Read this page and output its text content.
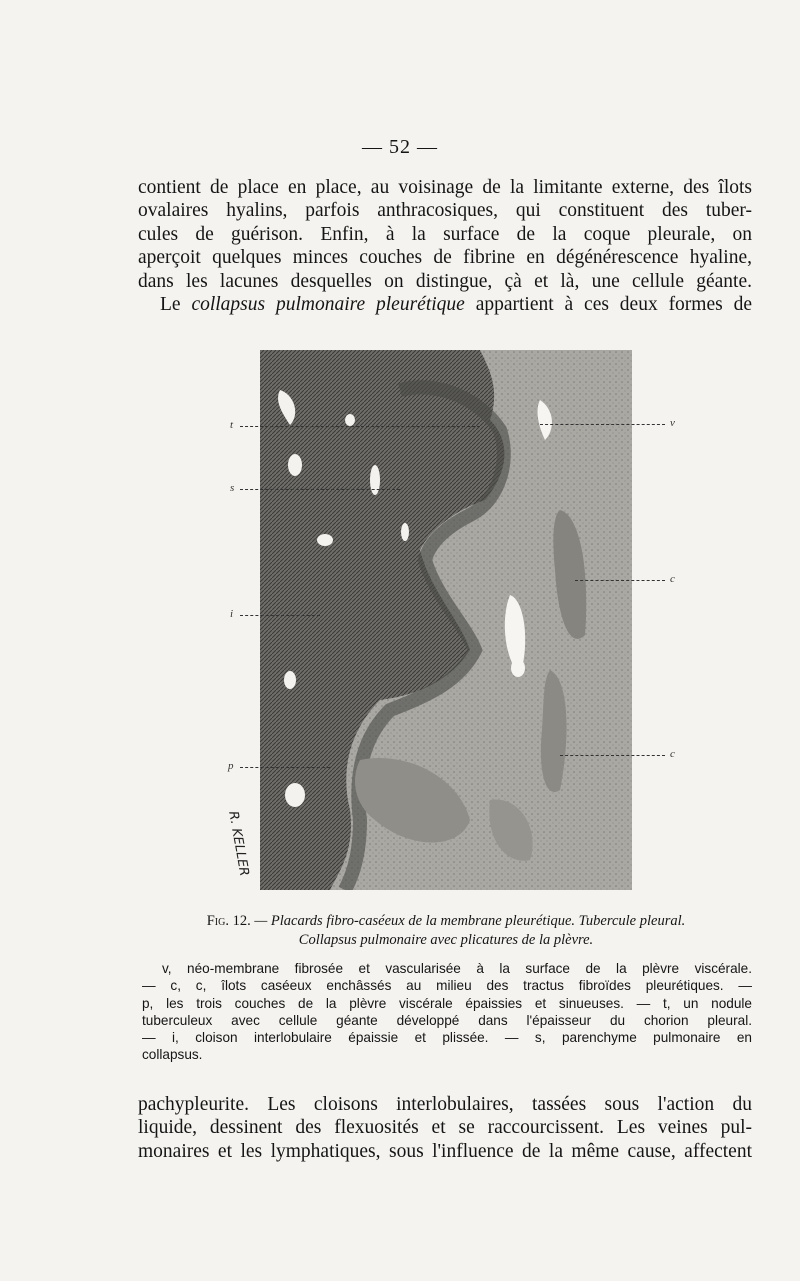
— 52 —
contient de place en place, au voisinage de la limitante externe, des îlots
ovalaires hyalins, parfois anthracosiques, qui constituent des tuber-
cules de guérison. Enfin, à la surface de la coque pleurale, on
aperçoit quelques minces couches de fibrine en dégénérescence hyaline,
dans les lacunes desquelles on distingue, çà et là, une cellule géante.
Le collapsus pulmonaire pleurétique appartient à ces deux formes de
t
s
i
p
v
c
c
R. KELLER
Fig. 12. — Placards fibro-caséeux de la membrane pleurétique. Tubercule pleural.
Collapsus pulmonaire avec plicatures de la plèvre.
v, néo-membrane fibrosée et vascularisée à la surface de la plèvre viscérale.
— c, c, îlots caséeux enchâssés au milieu des tractus fibroïdes pleurétiques. —
p, les trois couches de la plèvre viscérale épaissies et sinueuses. — t, un nodule
tuberculeux avec cellule géante développé dans l'épaisseur du chorion pleural.
— i, cloison interlobulaire épaissie et plissée. — s, parenchyme pulmonaire en
collapsus.
pachypleurite. Les cloisons interlobulaires, tassées sous l'action du
liquide, dessinent des flexuosités et se raccourcissent. Les veines pul-
monaires et les lymphatiques, sous l'influence de la même cause, affectent
